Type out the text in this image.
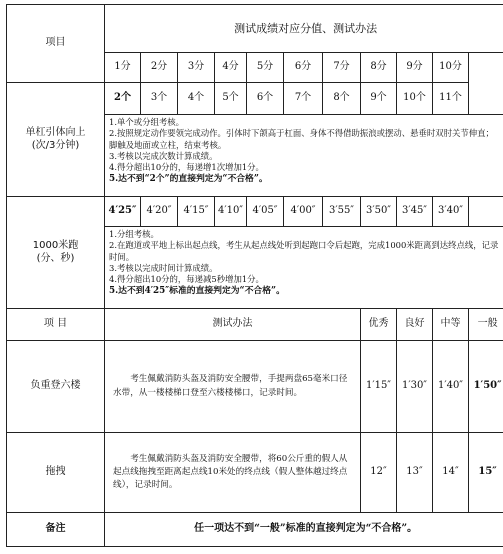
项目	测试成绩对应分值、测试办法										
	1分	2分	3分	4分	5分	6分	7分	8分	9分	10分	

单杠引体向上
(次/3分钟)	2个	3个	4个	5个	6个	7个	8个	9个	10个	11个	

	1.单个或分组考核。
2.按照规定动作要领完成动作。引体时下颌高于杠面、身体不得借助振浪或摆动、悬垂时双肘关节伸直；脚触及地面或立柱，结束考核。
3.考核以完成次数计算成绩。
4.得分超出10分的，每递增1次增加1分。
5.达不到“2个”的直接判定为“不合格”。										

1000米跑
(分、秒)	4′25″	4′20″	4′15″	4′10″	4′05″	4′00″	3′55″	3′50″	3′45″	3′40″	

	1.分组考核。
2.在跑道或平地上标出起点线，考生从起点线处听到起跑口令后起跑，完成1000米距离到达终点线，记录时间。
3.考核以完成时间计算成绩。
4.得分超出10分的，每递减5秒增加1分。
5.达不到4′25″标准的直接判定为“不合格”。										

项 目	测试办法							优秀	良好	中等	一般
负重登六楼	考生佩戴消防头盔及消防安全腰带，手提两盘65毫米口径水带，从一楼楼梯口登至六楼楼梯口，记录时间。							1′15″	1′30″	1′40″	1′50″
拖拽	考生佩戴消防头盔及消防安全腰带，将60公斤重的假人从起点线拖拽至距离起点线10米处的终点线（假人整体越过终点线），记录时间。							12″	13″	14″	15″
备注	任一项达不到“一般”标准的直接判定为“不合格”。										
